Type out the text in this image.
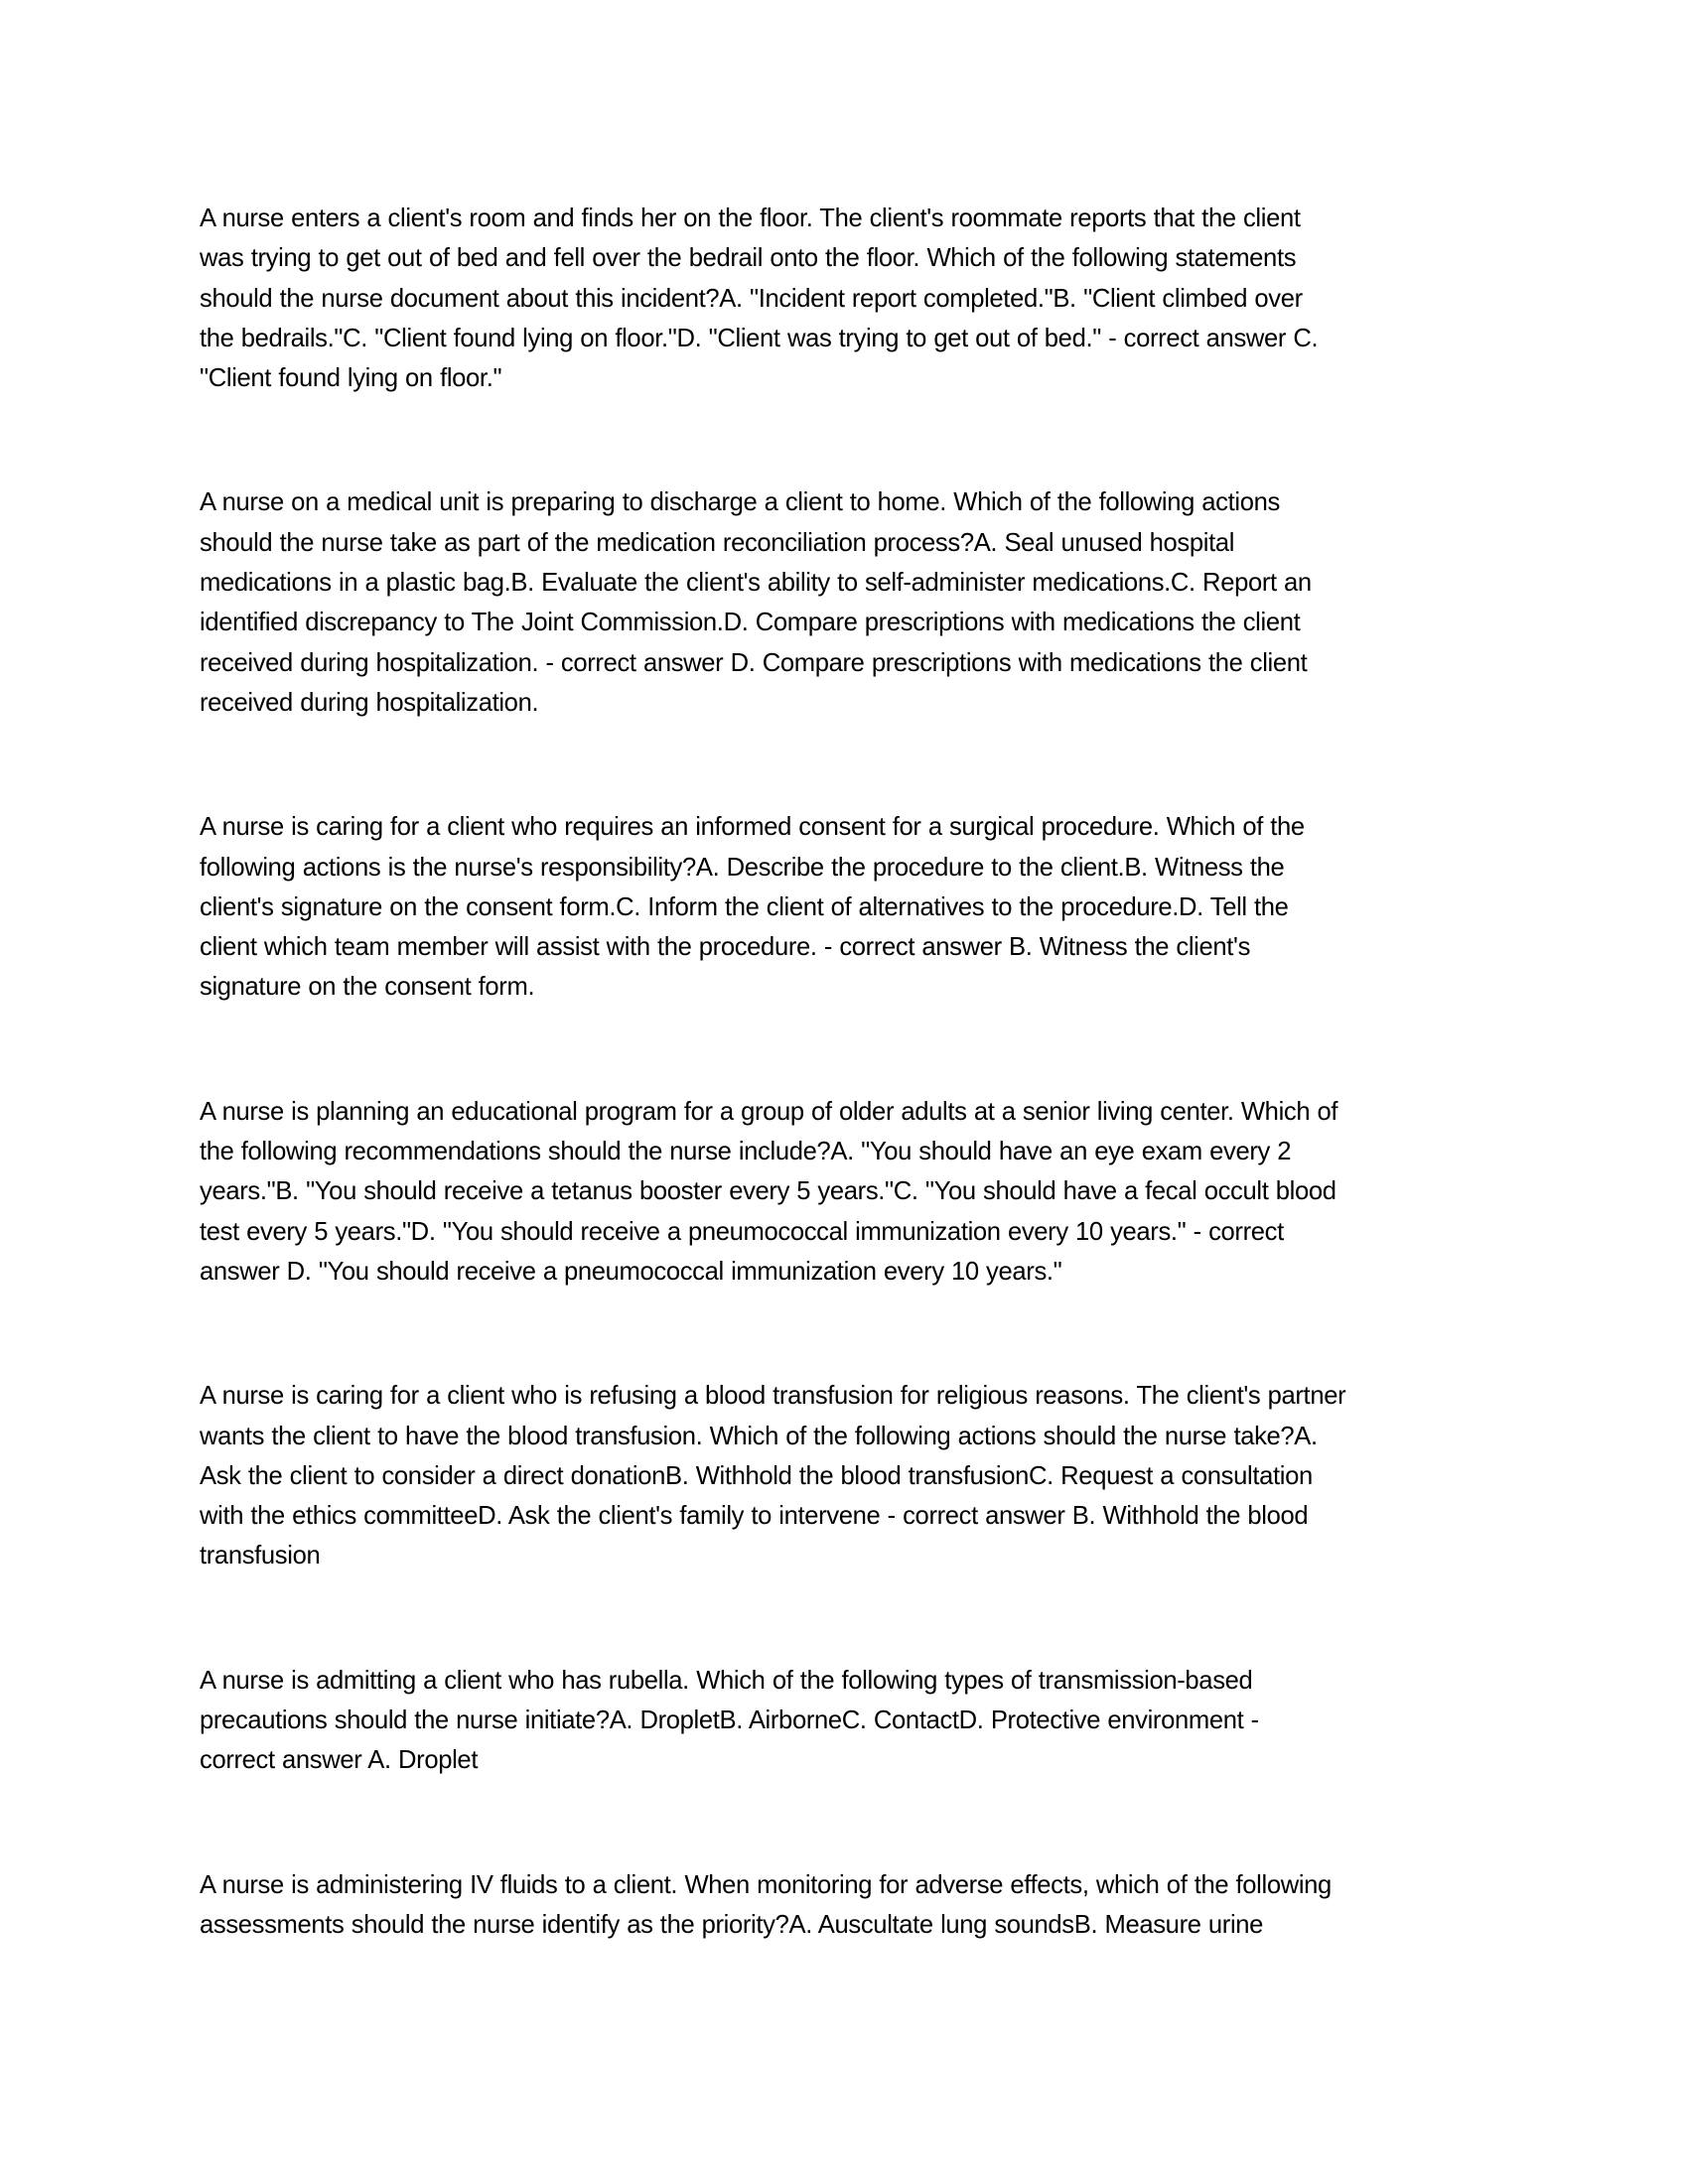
A nurse enters a client's room and finds her on the floor. The client's roommate reports that the client
was trying to get out of bed and fell over the bedrail onto the floor. Which of the following statements
should the nurse document about this incident?A. "Incident report completed."B. "Client climbed over
the bedrails."C. "Client found lying on floor."D. "Client was trying to get out of bed." - correct answer C.
"Client found lying on floor."

A nurse on a medical unit is preparing to discharge a client to home. Which of the following actions
should the nurse take as part of the medication reconciliation process?A. Seal unused hospital
medications in a plastic bag.B. Evaluate the client's ability to self-administer medications.C. Report an
identified discrepancy to The Joint Commission.D. Compare prescriptions with medications the client
received during hospitalization. - correct answer D. Compare prescriptions with medications the client
received during hospitalization.

A nurse is caring for a client who requires an informed consent for a surgical procedure. Which of the
following actions is the nurse's responsibility?A. Describe the procedure to the client.B. Witness the
client's signature on the consent form.C. Inform the client of alternatives to the procedure.D. Tell the
client which team member will assist with the procedure. - correct answer B. Witness the client's
signature on the consent form.

A nurse is planning an educational program for a group of older adults at a senior living center. Which of
the following recommendations should the nurse include?A. "You should have an eye exam every 2
years."B. "You should receive a tetanus booster every 5 years."C. "You should have a fecal occult blood
test every 5 years."D. "You should receive a pneumococcal immunization every 10 years." - correct
answer D. "You should receive a pneumococcal immunization every 10 years."

A nurse is caring for a client who is refusing a blood transfusion for religious reasons. The client's partner
wants the client to have the blood transfusion. Which of the following actions should the nurse take?A.
Ask the client to consider a direct donationB. Withhold the blood transfusionC. Request a consultation
with the ethics committeeD. Ask the client's family to intervene - correct answer B. Withhold the blood
transfusion

A nurse is admitting a client who has rubella. Which of the following types of transmission-based
precautions should the nurse initiate?A. DropletB. AirborneC. ContactD. Protective environment -
correct answer A. Droplet

A nurse is administering IV fluids to a client. When monitoring for adverse effects, which of the following
assessments should the nurse identify as the priority?A. Auscultate lung soundsB. Measure urine
